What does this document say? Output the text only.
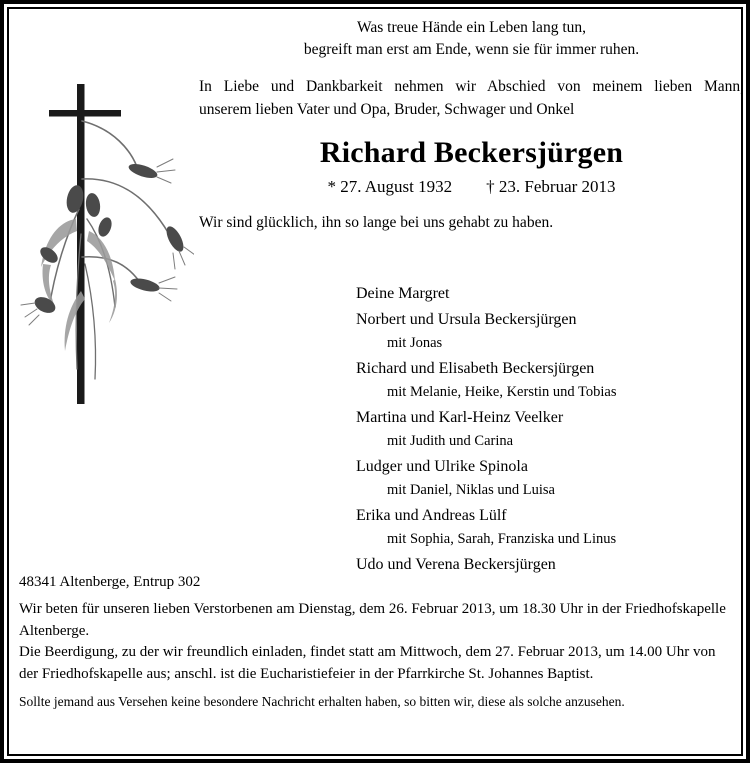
Was treue Hände ein Leben lang tun,
begreift man erst am Ende, wenn sie für immer ruhen.
In Liebe und Dankbarkeit nehmen wir Abschied von meinem lieben Mann,
unserem lieben Vater und Opa, Bruder, Schwager und Onkel
Richard Beckersjürgen
* 27. August 1932 † 23. Februar 2013
Wir sind glücklich, ihn so lange bei uns gehabt zu haben.
Deine Margret
Norbert und Ursula Beckersjürgen
mit Jonas
Richard und Elisabeth Beckersjürgen
mit Melanie, Heike, Kerstin und Tobias
Martina und Karl-Heinz Veelker
mit Judith und Carina
Ludger und Ulrike Spinola
mit Daniel, Niklas und Luisa
Erika und Andreas Lülf
mit Sophia, Sarah, Franziska und Linus
Udo und Verena Beckersjürgen
48341 Altenberge, Entrup 302

Wir beten für unseren lieben Verstorbenen am Dienstag, dem 26. Februar 2013, um 18.30 Uhr in der Friedhofskapelle Altenberge.

Die Beerdigung, zu der wir freundlich einladen, findet statt am Mittwoch, dem 27. Februar 2013, um 14.00 Uhr von der Friedhofskapelle aus; anschl. ist die Eucharistiefeier in der Pfarrkirche St. Johannes Baptist.

Sollte jemand aus Versehen keine besondere Nachricht erhalten haben, so bitten wir, diese als solche anzusehen.
